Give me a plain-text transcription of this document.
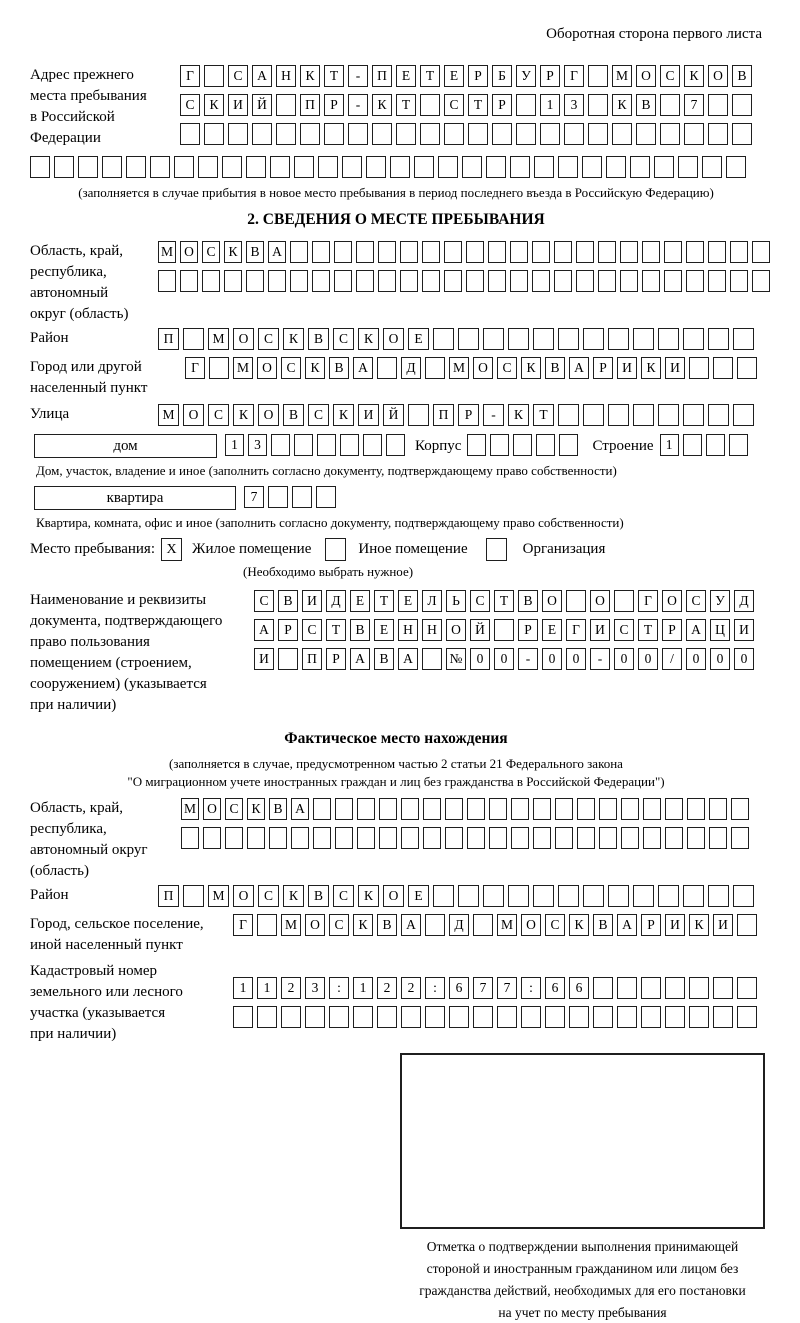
Оборотная сторона первого листа
Адрес прежнего
места пребывания
в Российской
Федерации
Г	С	А	Н	К	Т	-	П	Е	Т	Е	Р	Б	У	Р	Г	М О	С	К	О	В
С	К	И	Й	П	Р	-	К	Т	С	Т	Р	1	3	К	В	7
(заполняется в случае прибытия в новое место пребывания в период последнего въезда в Российскую Федерацию)
2. СВЕДЕНИЯ О МЕСТЕ ПРЕБЫВАНИЯ
Область, край,
республика,
автономный
округ (область)
М О С К В А
Район	П	М	О	С	К	В	С	К	О	Е
Город или другой
населенный пункт
Г	М О	С	К	В	А	Д	М О	С	К	В	А	Р	И	К	И
Улица	М	О	С	К	О	В	С	К	И	Й	П	Р	-	К	Т
дом	1	3	Корпус	Строение 1
Дом, участок, владение и иное (заполнить согласно документу, подтверждающему право собственности)
квартира	7
Квартира, комната, офис и иное (заполнить согласно документу, подтверждающему право собственности)
Место пребывания: X	Жилое помещение	Иное помещение	Организация
(Необходимо выбрать нужное)
Наименование и реквизиты
документа, подтверждающего
право пользования
помещением (строением,
сооружением) (указывается
при наличии)
С	В	И	Д	Е	Т	Е	Л	Ь	С	Т	В	О	О	Г	О	С	У	Д
А	Р	С	Т	В	Е	Н	Н	О	Й	Р	Е	Г	И	С	Т	Р	А	Ц	И
И	П	Р	А	В	А	№	0	0	-	0	0	-	0	0	/	0	0	0
Фактическое место нахождения
(заполняется в случае, предусмотренном частью 2 статьи 21 Федерального закона
"О миграционном учете иностранных граждан и лиц без гражданства в Российской Федерации")
Область, край,
республика,
автономный округ
(область)
М О С К В А
Район	П	М	О	С	К	В	С	К	О	Е
Город, сельское поселение,
иной населенный пункт
Г	М О	С	К	В	А	Д	М О	С	К	В	А	Р	И	К	И
Кадастровый номер
земельного или лесного
участка (указывается
при наличии)
1	1	2	3	:	1	2	2	:	6	7	7	:	6	6
Отметка о подтверждении выполнения принимающей
стороной и иностранным гражданином или лицом без
гражданства действий, необходимых для его постановки
на учет по месту пребывания
